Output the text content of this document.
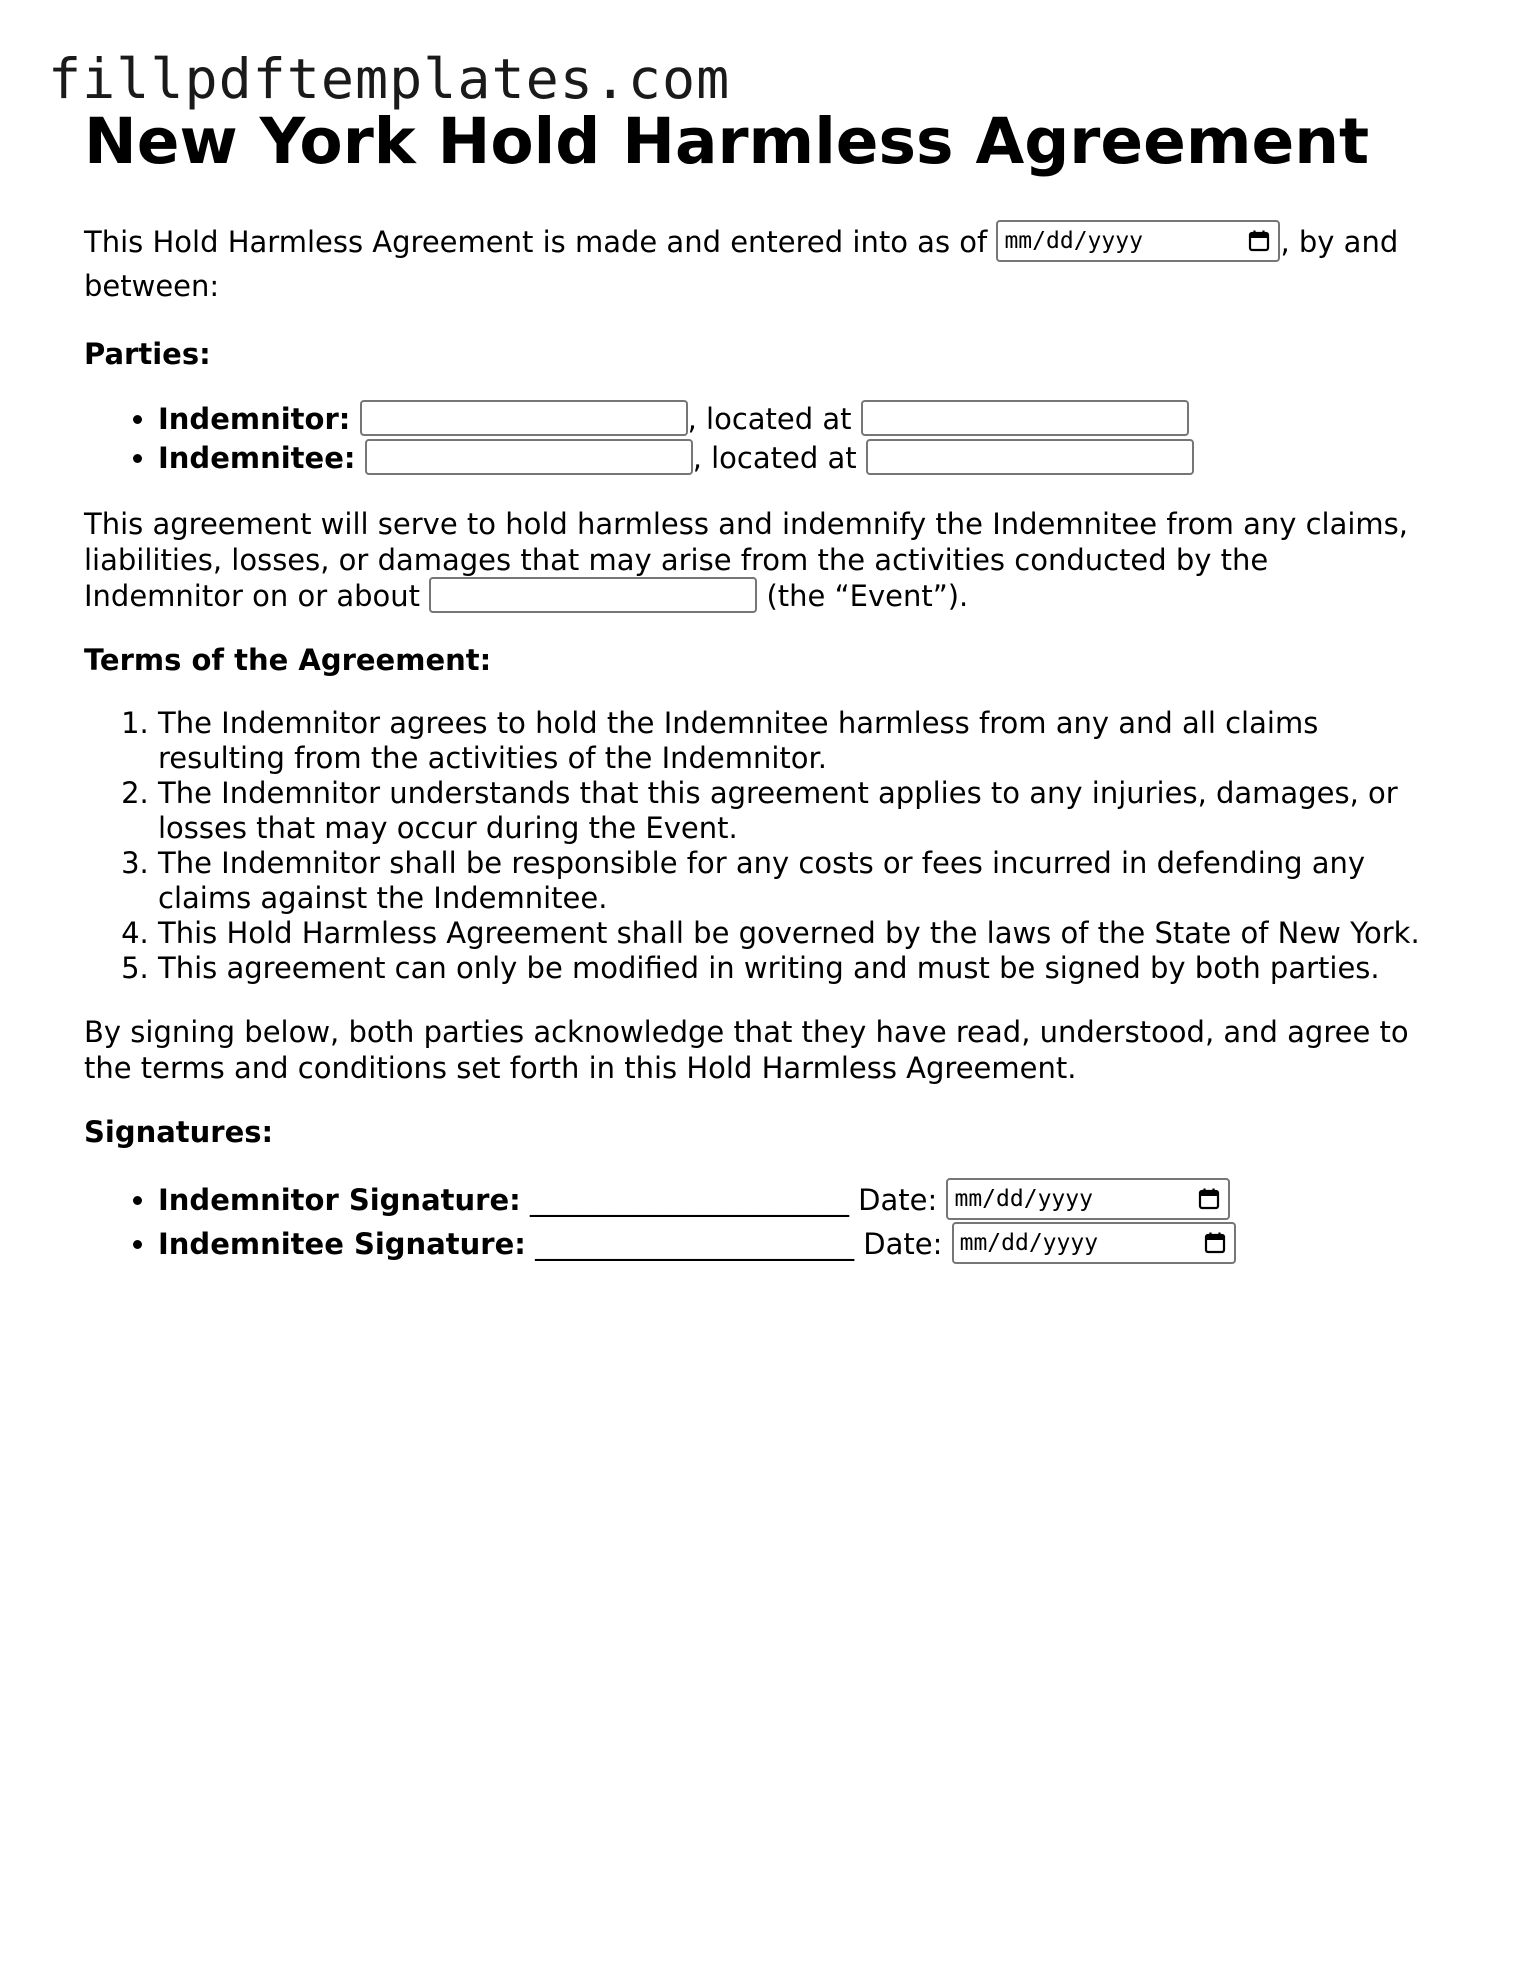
fillpdftemplates.com
New York Hold Harmless Agreement

This Hold Harmless Agreement is made and entered into as of mm/dd/yyyy	, by and
between:

Parties:

• Indemnitor:	, located at
• Indemnitee:	, located at

This agreement will serve to hold harmless and indemnify the Indemnitee from any claims, liabilities, losses, or damages that may arise from the activities conducted by the
Indemnitor on or about	(the “Event”).

Terms of the Agreement:

1. The Indemnitor agrees to hold the Indemnitee harmless from any and all claims resulting from the activities of the Indemnitor.
2. The Indemnitor understands that this agreement applies to any injuries, damages, or losses that may occur during the Event.
3. The Indemnitor shall be responsible for any costs or fees incurred in defending any claims against the Indemnitee.
4. This Hold Harmless Agreement shall be governed by the laws of the State of New York.
5. This agreement can only be modified in writing and must be signed by both parties.

By signing below, both parties acknowledge that they have read, understood, and agree to the terms and conditions set forth in this Hold Harmless Agreement.

Signatures:

• Indemnitor Signature: ______________________ Date: mm/dd/yyyy
• Indemnitee Signature: ______________________ Date: mm/dd/yyyy
